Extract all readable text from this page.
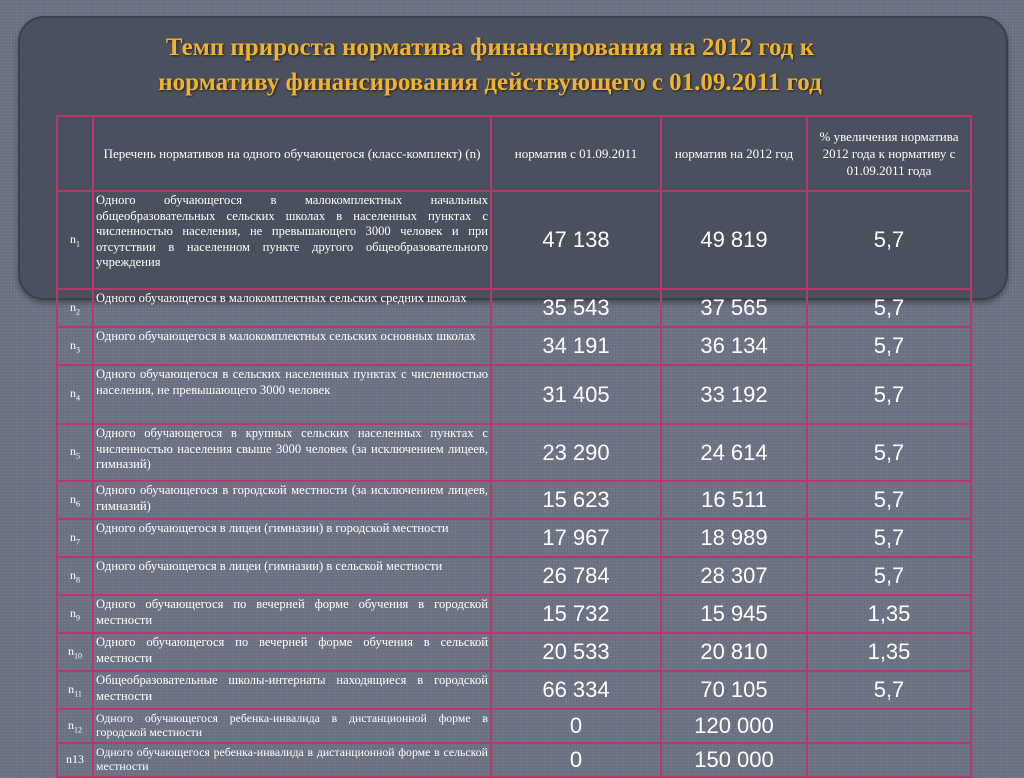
Темп прироста норматива финансирования на 2012 год к
нормативу финансирования действующего с 01.09.2011 год
	Перечень нормативов на одного обучающегося (класс-комплект) (n)	норматив с 01.09.2011	норматив на 2012 год	% увеличения норматива 2012 года к нормативу с 01.09.2011 года
$n_1$	Одного обучающегося в малокомплектных начальных общеобразовательных сельских школах в населенных пунктах с численностью населения, не превышающего 3000 человек и при отсутствии в населенном пункте другого общеобразовательного учреждения	47 138	49 819	5,7
$n_2$	Одного обучающегося в малокомплектных сельских средних школах	35 543	37 565	5,7
$n_3$	Одного обучающегося в малокомплектных сельских основных школах	34 191	36 134	5,7
$n_4$	Одного обучающегося в сельских населенных пунктах с численностью населения, не превышающего 3000 человек	31 405	33 192	5,7
$n_5$	Одного обучающегося в крупных сельских населенных пунктах с численностью населения свыше 3000 человек (за исключением лицеев, гимназий)	23 290	24 614	5,7
$n_6$	Одного обучающегося в городской местности (за исключением лицеев, гимназий)	15 623	16 511	5,7
$n_7$	Одного обучающегося в лицеи (гимназии) в городской местности	17 967	18 989	5,7
$n_8$	Одного обучающегося в лицеи (гимназии) в сельской местности	26 784	28 307	5,7
$n_9$	Одного обучающегося по вечерней форме обучения в городской местности	15 732	15 945	1,35
$n_{10}$	Одного обучающегося по вечерней форме обучения в сельской местности	20 533	20 810	1,35
$n_{11}$	Общеобразовательные школы-интернаты находящиеся в городской местности	66 334	70 105	5,7
$n_{12}$	Одного обучающегося ребенка-инвалида в дистанционной форме в городской местности	0	120 000	
n13	Одного обучающегося ребенка-инвалида в дистанционной форме в сельской местности	0	150 000	
